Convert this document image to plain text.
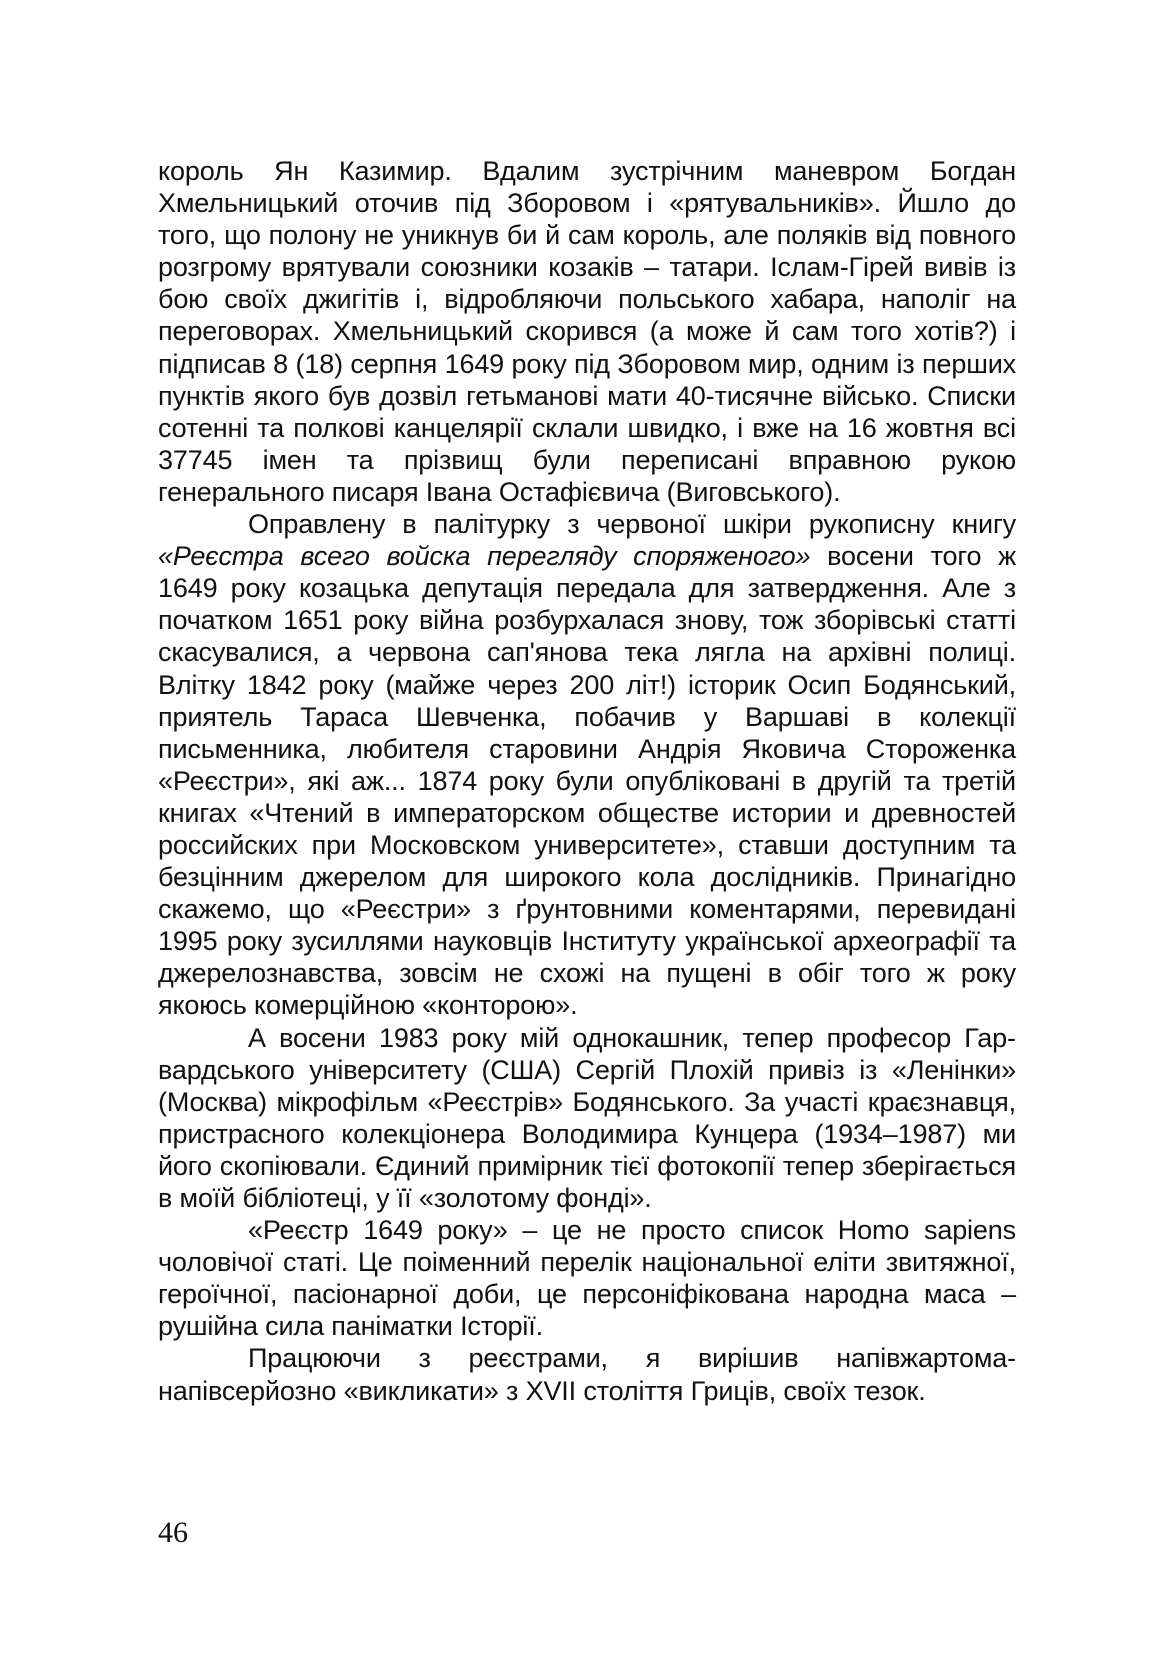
король Ян Казимир. Вдалим зустрічним маневром Богдан Хмельницький оточив під Зборовом і «рятувальників». Йшло до того, що полону не уникнув би й сам король, але поляків від повного розгрому врятували союзники козаків – татари. Іслам-Гірей вивів із бою своїх джигітів і, відробляючи польського хабара, наполіг на переговорах. Хмельницький скорився (а може й сам того хотів?) і підписав 8 (18) серпня 1649 року під Зборовом мир, одним із перших пунктів якого був дозвіл гетьманові мати 40-тисячне військо. Списки сотенні та полкові канцелярії склали швидко, і вже на 16 жовтня всі 37745 імен та прізвищ були переписані вправною рукою генерального писаря Івана Остафієвича (Виговського).

Оправлену в палітурку з червоної шкіри рукописну книгу «Реєстра всего войска перегляду споряженого» восени того ж 1649 року козацька депутація передала для затвердження. Але з початком 1651 року війна розбурхалася знову, тож зборівські статті скасувалися, а червона сап'янова тека лягла на архівні полиці. Влітку 1842 року (майже через 200 літ!) історик Осип Бодянський, приятель Тараса Шевченка, побачив у Варшаві в колекції письменника, любителя старовини Андрія Яковича Стороженка «Реєстри», які аж... 1874 року були опубліковані в другій та третій книгах «Чтений в императорском обществе истории и древностей российских при Московском университете», ставши доступним та безцінним джерелом для широкого кола дослідників. Принагідно скажемо, що «Реєстри» з ґрунтовними коментарями, перевидані 1995 року зусиллями науковців Інституту української археографії та джерелознавства, зовсім не схожі на пущені в обіг того ж року якоюсь комерційною «конторою».

А восени 1983 року мій однокашник, тепер професор Гарвардського університету (США) Сергій Плохій привіз із «Ленінки» (Москва) мікрофільм «Реєстрів» Бодянського. За участі краєзнавця, пристрасного колекціонера Володимира Кунцера (1934–1987) ми його скопіювали. Єдиний примірник тієї фотокопії тепер зберігається в моїй бібліотеці, у її «золотому фонді».

«Реєстр 1649 року» – це не просто список Homo sapiens чоловічої статі. Це поіменний перелік національної еліти звитяжної, героїчної, пасіонарної доби, це персоніфікована народна маса – рушійна сила паніматки Історії.

Працюючи з реєстрами, я вирішив напівжартома-напівсерйозно «викликати» з XVII століття Гриців, своїх тезок.

46
